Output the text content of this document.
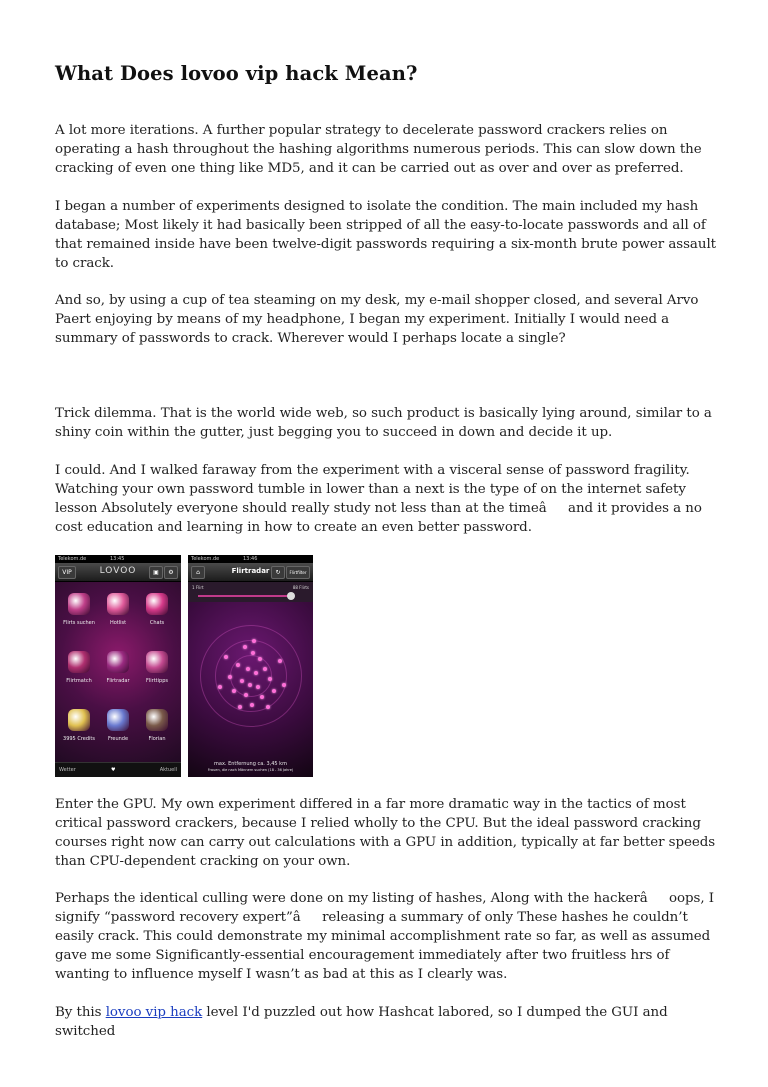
What Does lovoo vip hack Mean?

A lot more iterations. A further popular strategy to decelerate password crackers relies on operating a hash throughout the hashing algorithms numerous periods. This can slow down the cracking of even one thing like MD5, and it can be carried out as over and over as preferred.

I began a number of experiments designed to isolate the condition. The main included my hash database; Most likely it had basically been stripped of all the easy-to-locate passwords and all of that remained inside have been twelve-digit passwords requiring a six-month brute power assault to crack.

And so, by using a cup of tea steaming on my desk, my e-mail shopper closed, and several Arvo Paert enjoying by means of my headphone, I began my experiment. Initially I would need a summary of passwords to crack. Wherever would I perhaps locate a single?

Trick dilemma. That is the world wide web, so such product is basically lying around, similar to a shiny coin within the gutter, just begging you to succeed in down and decide it up.

I could. And I walked faraway from the experiment with a visceral sense of password fragility. Watching your own password tumble in lower than a next is the type of on the internet safety lesson Absolutely everyone should really study not less than at the timeâand it provides a no cost education and learning in how to create an even better password.

Telekom.de	13:45
VIP	LOVOO	▣	⚙
Flirts suchen	Hotlist	Chats
Flirtmatch	Flirtradar	Flirttipps
3995 Credits	Freunde	Florian
Wetter	♥	Aktuell
Telekom.de	13:46
⌂	Flirtradar	↻	Flirtfilter
1 Flirt	88 Flirts
max. Entfernung ca. 3,45 km
Frauen, die nach Männern suchen (18 - 36 Jahre)

Enter the GPU. My own experiment differed in a far more dramatic way in the tactics of most critical password crackers, because I relied wholly to the CPU. But the ideal password cracking courses right now can carry out calculations with a GPU in addition, typically at far better speeds than CPU-dependent cracking on your own.

Perhaps the identical culling were done on my listing of hashes, Along with the hackerâoops, I signify “password recovery expert”âreleasing a summary of only These hashes he couldn’t easily crack. This could demonstrate my minimal accomplishment rate so far, as well as assumed gave me some Significantly-essential encouragement immediately after two fruitless hrs of wanting to influence myself I wasn’t as bad at this as I clearly was.

By this lovoo vip hack level I'd puzzled out how Hashcat labored, so I dumped the GUI and switched
